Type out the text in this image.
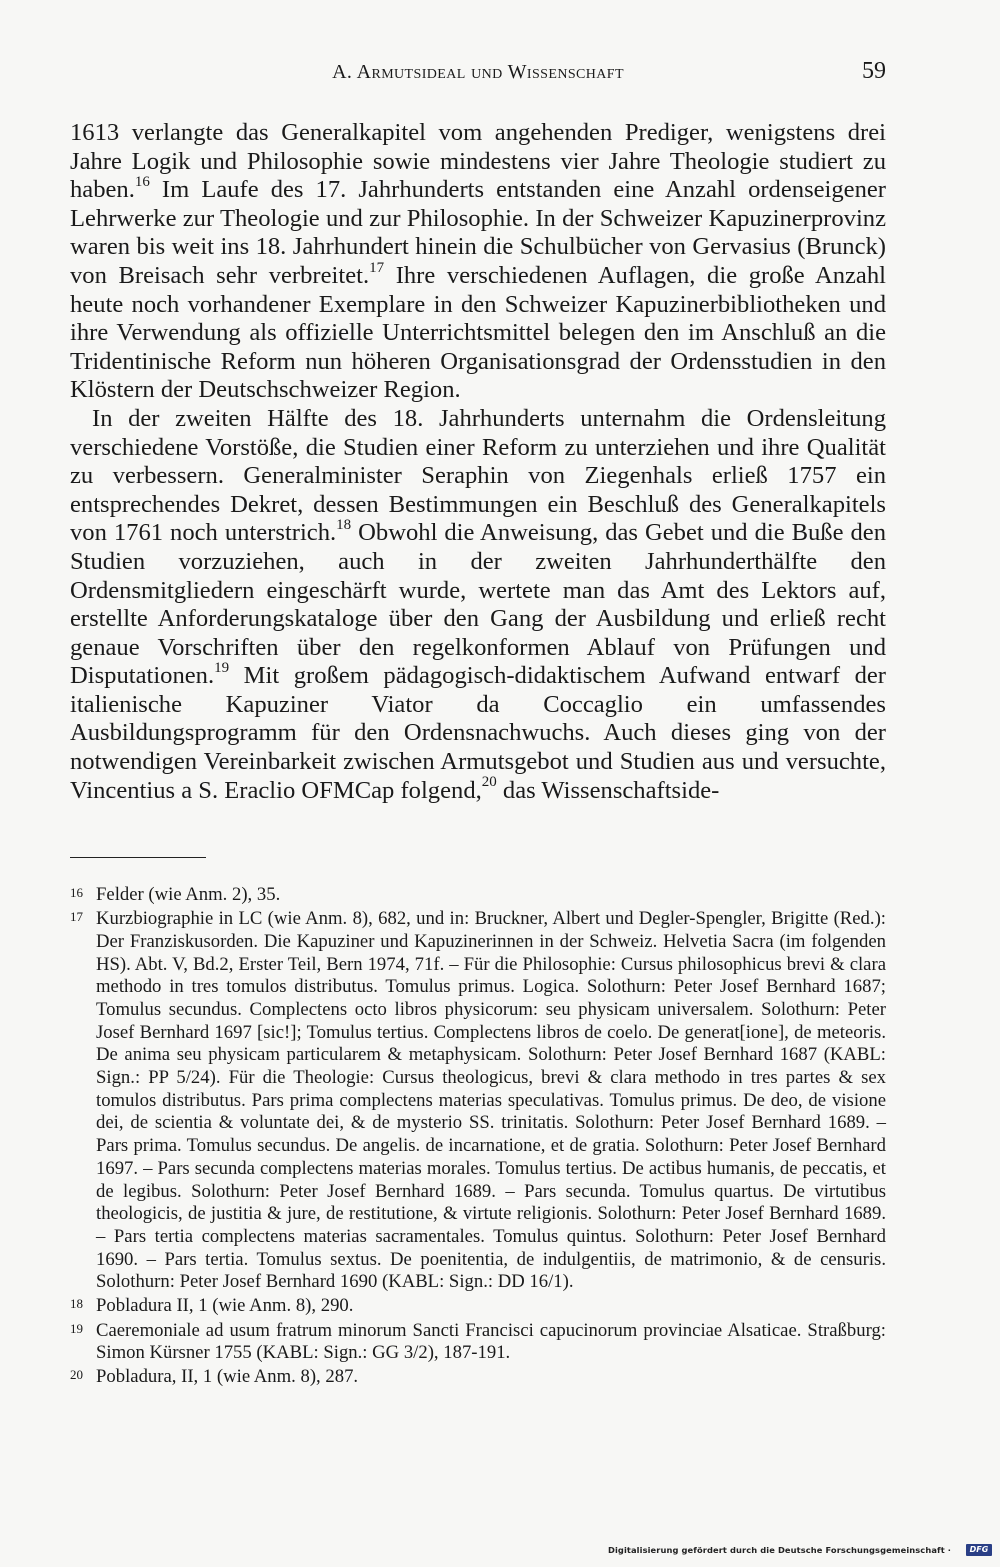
A. Armutsideal und Wissenschaft	59

1613 verlangte das Generalkapitel vom angehenden Prediger, wenigstens drei Jahre Logik und Philosophie sowie mindestens vier Jahre Theologie studiert zu haben.$^{16}$ Im Laufe des 17. Jahrhunderts entstanden eine Anzahl ordenseigener Lehrwerke zur Theologie und zur Philosophie. In der Schweizer Kapuzinerprovinz waren bis weit ins 18. Jahrhundert hinein die Schulbücher von Gervasius (Brunck) von Breisach sehr verbreitet.$^{17}$ Ihre verschiedenen Auflagen, die große Anzahl heute noch vorhandener Exemplare in den Schweizer Kapuzinerbibliotheken und ihre Verwendung als offizielle Unterrichtsmittel belegen den im Anschluß an die Tridentinische Reform nun höheren Organisationsgrad der Ordensstudien in den Klöstern der Deutschschweizer Region.

In der zweiten Hälfte des 18. Jahrhunderts unternahm die Ordensleitung verschiedene Vorstöße, die Studien einer Reform zu unterziehen und ihre Qualität zu verbessern. Generalminister Seraphin von Ziegenhals erließ 1757 ein entsprechendes Dekret, dessen Bestimmungen ein Beschluß des Generalkapitels von 1761 noch unterstrich.$^{18}$ Obwohl die Anweisung, das Gebet und die Buße den Studien vorzuziehen, auch in der zweiten Jahrhunderthälfte den Ordensmitgliedern eingeschärft wurde, wertete man das Amt des Lektors auf, erstellte Anforderungskataloge über den Gang der Ausbildung und erließ recht genaue Vorschriften über den regelkonformen Ablauf von Prüfungen und Disputationen.$^{19}$ Mit großem pädagogisch-didaktischem Aufwand entwarf der italienische Kapuziner Viator da Coccaglio ein umfassendes Ausbildungsprogramm für den Ordensnachwuchs. Auch dieses ging von der notwendigen Vereinbarkeit zwischen Armutsgebot und Studien aus und versuchte, Vincentius a S. Eraclio OFMCap folgend,$^{20}$ das Wissenschaftside-

16 Felder (wie Anm. 2), 35.
17 Kurzbiographie in LC (wie Anm. 8), 682, und in: Bruckner, Albert und Degler-Spengler, Brigitte (Red.): Der Franziskusorden. Die Kapuziner und Kapuzinerinnen in der Schweiz. Helvetia Sacra (im folgenden HS). Abt. V, Bd.2, Erster Teil, Bern 1974, 71f. – Für die Philosophie: Cursus philosophicus brevi & clara methodo in tres tomulos distributus. Tomulus primus. Logica. Solothurn: Peter Josef Bernhard 1687; Tomulus secundus. Complectens octo libros physicorum: seu physicam universalem. Solothurn: Peter Josef Bernhard 1697 [sic!]; Tomulus tertius. Complectens libros de coelo. De generat[ione], de meteoris. De anima seu physicam particularem & metaphysicam. Solothurn: Peter Josef Bernhard 1687 (KABL: Sign.: PP 5/24). Für die Theologie: Cursus theologicus, brevi & clara methodo in tres partes & sex tomulos distributus. Pars prima complectens materias speculativas. Tomulus primus. De deo, de visione dei, de scientia & voluntate dei, & de mysterio SS. trinitatis. Solothurn: Peter Josef Bernhard 1689. – Pars prima. Tomulus secundus. De angelis. de incarnatione, et de gratia. Solothurn: Peter Josef Bernhard 1697. – Pars secunda complectens materias morales. Tomulus tertius. De actibus humanis, de peccatis, et de legibus. Solothurn: Peter Josef Bernhard 1689. – Pars secunda. Tomulus quartus. De virtutibus theologicis, de justitia & jure, de restitutione, & virtute religionis. Solothurn: Peter Josef Bernhard 1689. – Pars tertia complectens materias sacramentales. Tomulus quintus. Solothurn: Peter Josef Bernhard 1690. – Pars tertia. Tomulus sextus. De poenitentia, de indulgentiis, de matrimonio, & de censuris. Solothurn: Peter Josef Bernhard 1690 (KABL: Sign.: DD 16/1).
18 Pobladura II, 1 (wie Anm. 8), 290.
19 Caeremoniale ad usum fratrum minorum Sancti Francisci capucinorum provinciae Alsaticae. Straßburg: Simon Kürsner 1755 (KABL: Sign.: GG 3/2), 187-191.
20 Pobladura, II, 1 (wie Anm. 8), 287.
Digitalisierung gefördert durch die Deutsche Forschungsgemeinschaft ·	DFG
